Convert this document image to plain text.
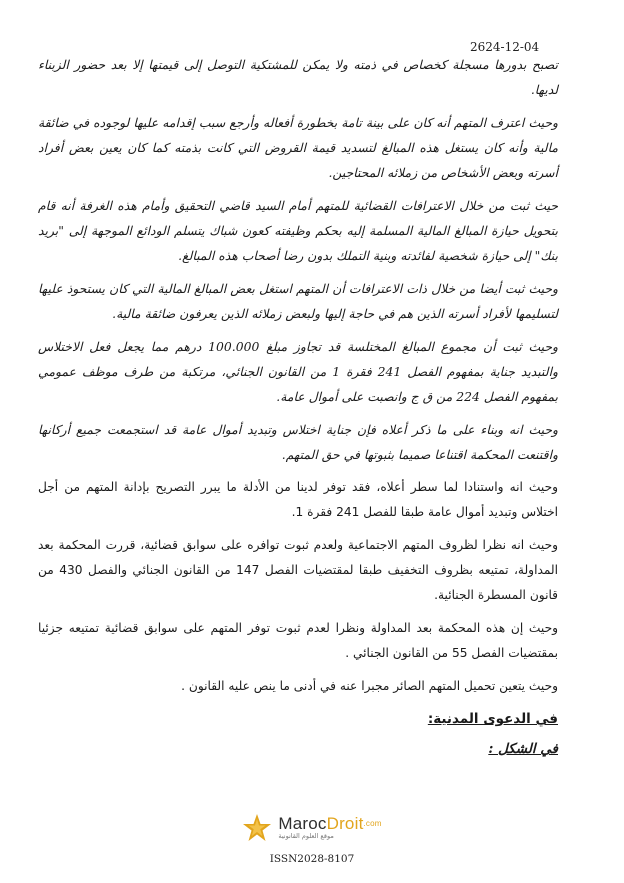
2624-12-04

تصبح بدورها مسجلة كخصاص في ذمته ولا يمكن للمشتكية التوصل إلى قيمتها إلا بعد حضور الزبناء لديها.

وحيث اعترف المتهم أنه كان على بينة تامة بخطورة أفعاله وأرجع سبب إقدامه عليها لوجوده في ضائقة مالية وأنه كان يستغل هذه المبالغ لتسديد قيمة القروض التي كانت بذمته كما كان يعين بعض أفراد أسرته وبعض الأشخاص من زملائه المحتاجين.

حيث ثبت من خلال الاعترافات القضائية للمتهم أمام السيد قاضي التحقيق وأمام هذه الغرفة أنه قام بتحويل حيازة المبالغ المالية المسلمة إليه بحكم وظيفته كعون شباك يتسلم الودائع الموجهة إلى "بريد بنك" إلى حيازة شخصية لفائدته وبنية التملك بدون رضا أصحاب هذه المبالغ.

وحيث ثبت أيضا من خلال ذات الاعترافات أن المتهم استغل بعض المبالغ المالية التي كان يستحوذ عليها لتسليمها لأفراد أسرته الذين هم في حاجة إليها ولبعض زملائه الذين يعرفون ضائقة مالية.

وحيث ثبت أن مجموع المبالغ المختلسة قد تجاوز مبلغ 100.000 درهم مما يجعل فعل الاختلاس والتبديد جناية بمفهوم الفصل 241 فقرة 1 من القانون الجنائي، مرتكبة من طرف موظف عمومي بمفهوم الفصل 224 من ق ج وانصبت على أموال عامة.

وحيث انه وبناء على ما ذكر أعلاه فإن جناية اختلاس وتبديد أموال عامة قد استجمعت جميع أركانها واقتنعت المحكمة اقتناعا صميما بثبوتها في حق المتهم.

وحيث انه واستنادا لما سطر أعلاه، فقد توفر لدينا من الأدلة ما يبرر التصريح بإدانة المتهم من أجل اختلاس وتبديد أموال عامة طبقا للفصل 241 فقرة 1.

وحيث انه نظرا لظروف المتهم الاجتماعية ولعدم ثبوت توافره على سوابق قضائية، قررت المحكمة بعد المداولة، تمتيعه بظروف التخفيف طبقا لمقتضيات الفصل 147 من القانون الجنائي والفصل 430 من قانون المسطرة الجنائية.

وحيث إن هذه المحكمة بعد المداولة ونظرا لعدم ثبوت توفر المتهم على سوابق قضائية تمتيعه جزئيا بمقتضيات الفصل 55 من القانون الجنائي .

وحيث يتعين تحميل المتهم الصائر مجبرا عنه في أدنى ما ينص عليه القانون .

في الدعوى المدنية:
في الشكل :
MarocDroit$^{.com}$
موقع العلوم القانونية
ISSN2028-8107
